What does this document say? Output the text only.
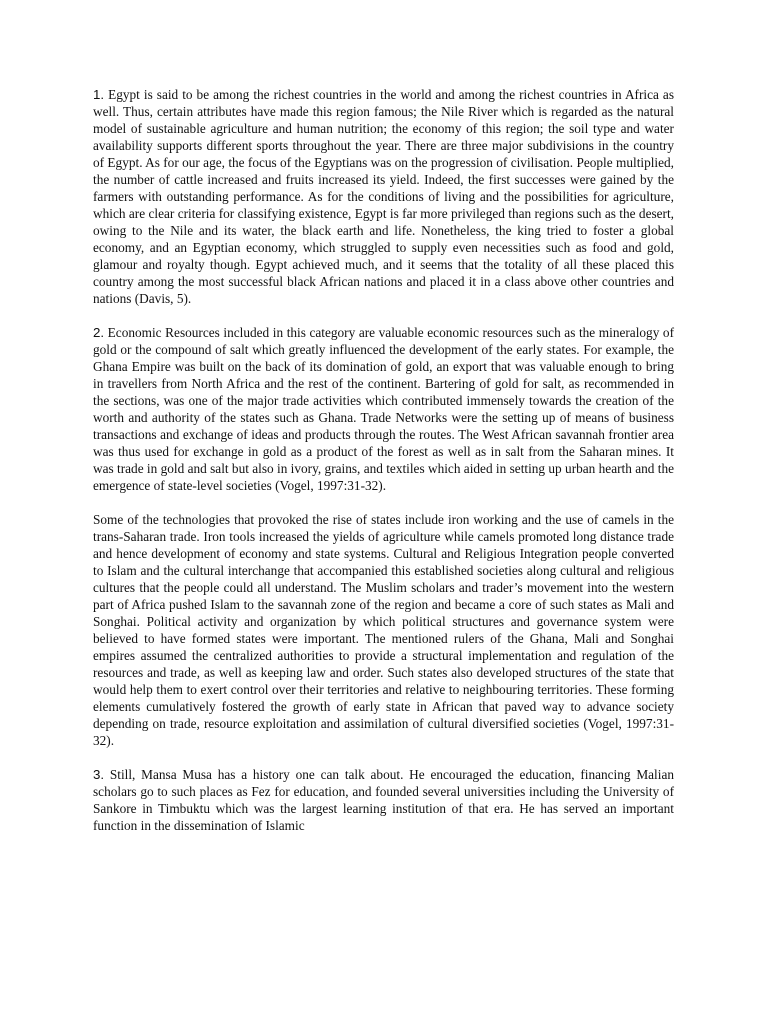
1. Egypt is said to be among the richest countries in the world and among the richest countries in Africa as well. Thus, certain attributes have made this region famous; the Nile River which is regarded as the natural model of sustainable agriculture and human nutrition; the economy of this region; the soil type and water availability supports different sports throughout the year. There are three major subdivisions in the country of Egypt. As for our age, the focus of the Egyptians was on the progression of civilisation. People multiplied, the number of cattle increased and fruits increased its yield. Indeed, the first successes were gained by the farmers with outstanding performance. As for the conditions of living and the possibilities for agriculture, which are clear criteria for classifying existence, Egypt is far more privileged than regions such as the desert, owing to the Nile and its water, the black earth and life. Nonetheless, the king tried to foster a global economy, and an Egyptian economy, which struggled to supply even necessities such as food and gold, glamour and royalty though. Egypt achieved much, and it seems that the totality of all these placed this country among the most successful black African nations and placed it in a class above other countries and nations (Davis, 5).

2. Economic Resources included in this category are valuable economic resources such as the mineralogy of gold or the compound of salt which greatly influenced the development of the early states. For example, the Ghana Empire was built on the back of its domination of gold, an export that was valuable enough to bring in travellers from North Africa and the rest of the continent. Bartering of gold for salt, as recommended in the sections, was one of the major trade activities which contributed immensely towards the creation of the worth and authority of the states such as Ghana. Trade Networks were the setting up of means of business transactions and exchange of ideas and products through the routes. The West African savannah frontier area was thus used for exchange in gold as a product of the forest as well as in salt from the Saharan mines. It was trade in gold and salt but also in ivory, grains, and textiles which aided in setting up urban hearth and the emergence of state-level societies (Vogel, 1997:31-32).

Some of the technologies that provoked the rise of states include iron working and the use of camels in the trans-Saharan trade. Iron tools increased the yields of agriculture while camels promoted long distance trade and hence development of economy and state systems. Cultural and Religious Integration people converted to Islam and the cultural interchange that accompanied this established societies along cultural and religious cultures that the people could all understand. The Muslim scholars and trader’s movement into the western part of Africa pushed Islam to the savannah zone of the region and became a core of such states as Mali and Songhai. Political activity and organization by which political structures and governance system were believed to have formed states were important. The mentioned rulers of the Ghana, Mali and Songhai empires assumed the centralized authorities to provide a structural implementation and regulation of the resources and trade, as well as keeping law and order. Such states also developed structures of the state that would help them to exert control over their territories and relative to neighbouring territories. These forming elements cumulatively fostered the growth of early state in African that paved way to advance society depending on trade, resource exploitation and assimilation of cultural diversified societies (Vogel, 1997:31-32).

3. Still, Mansa Musa has a history one can talk about. He encouraged the education, financing Malian scholars go to such places as Fez for education, and founded several universities including the University of Sankore in Timbuktu which was the largest learning institution of that era. He has served an important function in the dissemination of Islamic
